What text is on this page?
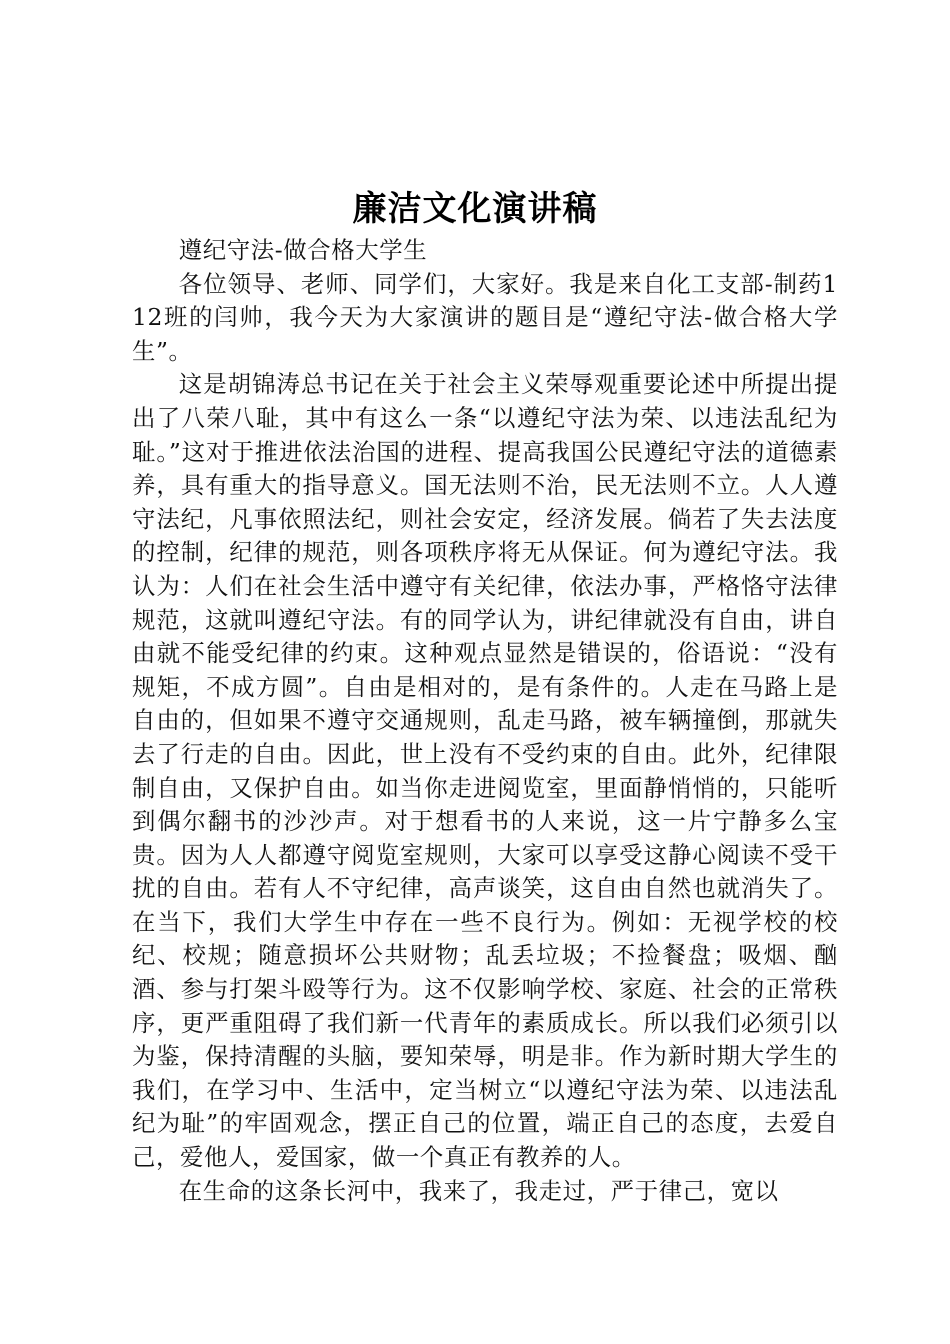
廉洁文化演讲稿

遵纪守法-做合格大学生

各位领导、老师、同学们，大家好。我是来自化工支部-制药112班的闫帅，我今天为大家演讲的题目是“遵纪守法-做合格大学生”。

这是胡锦涛总书记在关于社会主义荣辱观重要论述中所提出提出了八荣八耻，其中有这么一条“以遵纪守法为荣、以违法乱纪为耻。”这对于推进依法治国的进程、提高我国公民遵纪守法的道德素养，具有重大的指导意义。国无法则不治，民无法则不立。人人遵守法纪，凡事依照法纪，则社会安定，经济发展。倘若了失去法度的控制，纪律的规范，则各项秩序将无从保证。何为遵纪守法。我认为：人们在社会生活中遵守有关纪律，依法办事，严格恪守法律规范，这就叫遵纪守法。有的同学认为，讲纪律就没有自由，讲自由就不能受纪律的约束。这种观点显然是错误的，俗语说：“没有规矩，不成方圆”。自由是相对的，是有条件的。人走在马路上是自由的，但如果不遵守交通规则，乱走马路，被车辆撞倒，那就失去了行走的自由。因此，世上没有不受约束的自由。此外，纪律限制自由，又保护自由。如当你走进阅览室，里面静悄悄的，只能听到偶尔翻书的沙沙声。对于想看书的人来说，这一片宁静多么宝贵。因为人人都遵守阅览室规则，大家可以享受这静心阅读不受干扰的自由。若有人不守纪律，高声谈笑，这自由自然也就消失了。在当下，我们大学生中存在一些不良行为。例如：无视学校的校纪、校规；随意损坏公共财物；乱丢垃圾；不捡餐盘；吸烟、酗酒、参与打架斗殴等行为。这不仅影响学校、家庭、社会的正常秩序，更严重阻碍了我们新一代青年的素质成长。所以我们必须引以为鉴，保持清醒的头脑，要知荣辱，明是非。作为新时期大学生的我们，在学习中、生活中，定当树立“以遵纪守法为荣、以违法乱纪为耻”的牢固观念，摆正自己的位置，端正自己的态度，去爱自己，爱他人，爱国家，做一个真正有教养的人。

在生命的这条长河中，我来了，我走过，严于律己，宽以
